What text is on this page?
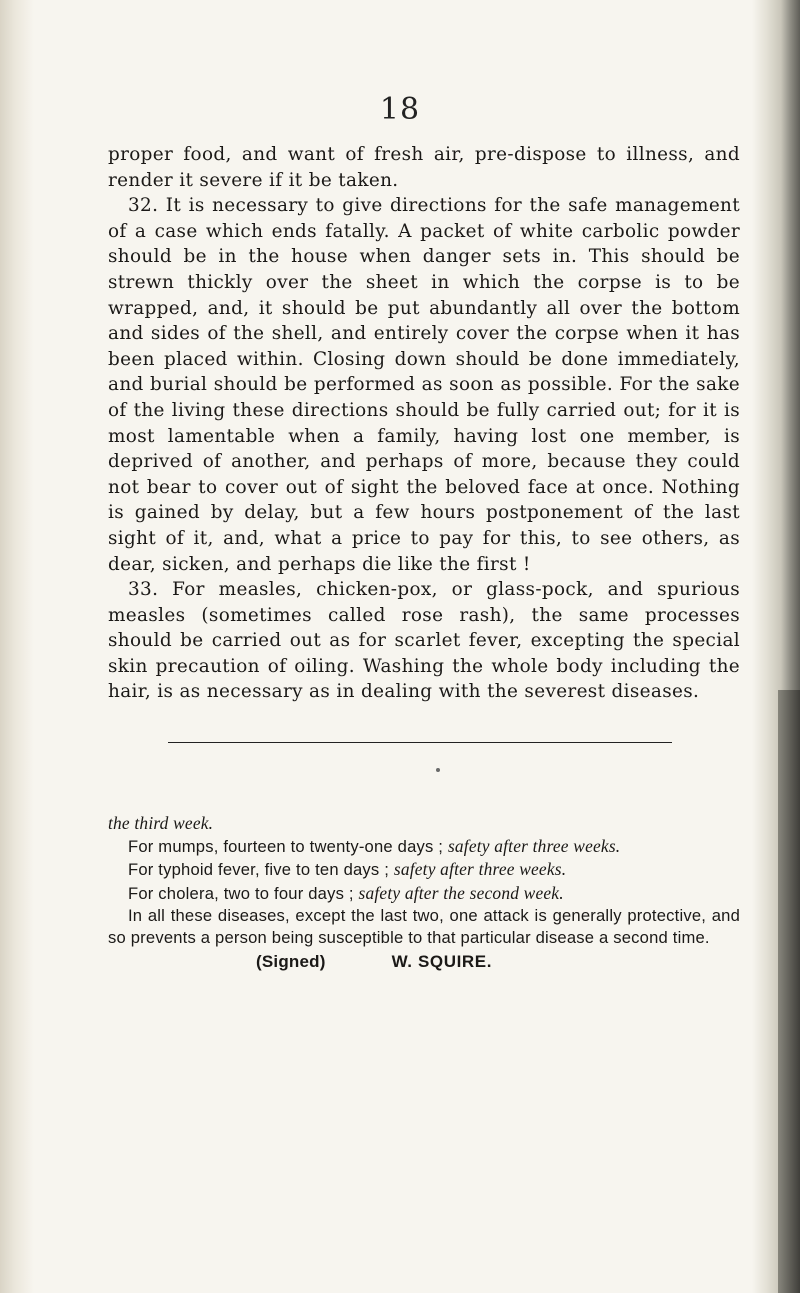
18

proper food, and want of fresh air, pre-dispose to illness, and render it severe if it be taken.

32. It is necessary to give directions for the safe management of a case which ends fatally. A packet of white carbolic powder should be in the house when danger sets in. This should be strewn thickly over the sheet in which the corpse is to be wrapped, and, it should be put abundantly all over the bottom and sides of the shell, and entirely cover the corpse when it has been placed within. Closing down should be done immediately, and burial should be performed as soon as possible. For the sake of the living these directions should be fully carried out; for it is most lamentable when a family, having lost one member, is deprived of another, and perhaps of more, because they could not bear to cover out of sight the beloved face at once. Nothing is gained by delay, but a few hours postponement of the last sight of it, and, what a price to pay for this, to see others, as dear, sicken, and perhaps die like the first !

33. For measles, chicken-pox, or glass-pock, and spurious measles (sometimes called rose rash), the same processes should be carried out as for scarlet fever, excepting the special skin precaution of oiling. Washing the whole body including the hair, is as necessary as in dealing with the severest diseases.

the third week.

For mumps, fourteen to twenty-one days ; safety after three weeks.

For typhoid fever, five to ten days ; safety after three weeks.

For cholera, two to four days ; safety after the second week.

In all these diseases, except the last two, one attack is generally protective, and so prevents a person being susceptible to that particular disease a second time.

(Signed)	W. SQUIRE.
